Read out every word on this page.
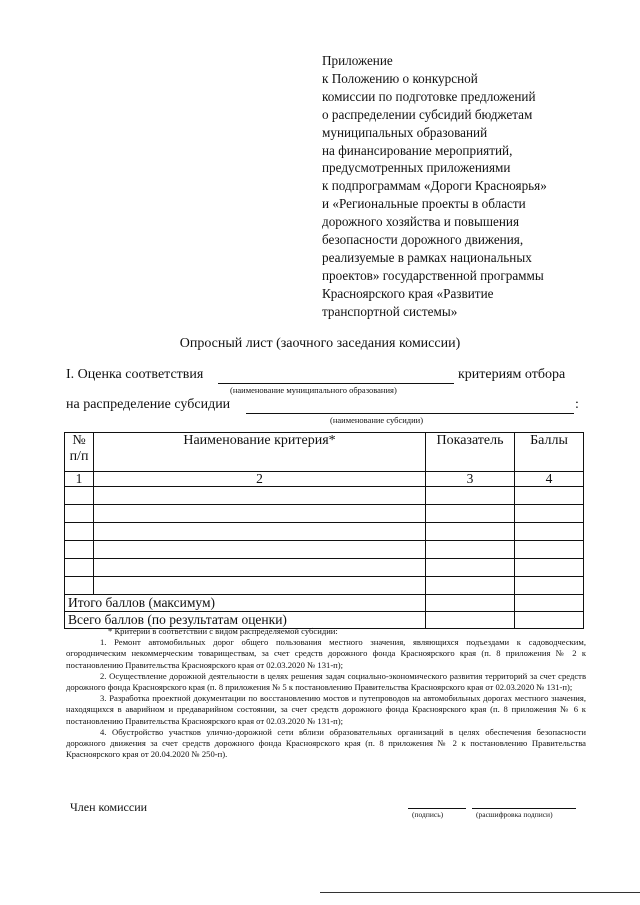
Приложение
к Положению о конкурсной
комиссии по подготовке предложений
о распределении субсидий бюджетам
муниципальных образований
на финансирование мероприятий,
предусмотренных приложениями
к подпрограммам «Дороги Красноярья»
и «Региональные проекты в области
дорожного хозяйства и повышения
безопасности дорожного движения,
реализуемые в рамках национальных
проектов» государственной программы
Красноярского края «Развитие
транспортной системы»
Опросный лист (заочного заседания комиссии)
I. Оценка соответствия	критериям отбора
(наименование муниципального образования)
на распределение субсидии	:
(наименование субсидии)
№ п/п	Наименование критерия*	Показатель	Баллы
1	2	3	4

Итого баллов (максимум)			
Всего баллов (по результатам оценки)			

* Критерии в соответствии с видом распределяемой субсидии:

1. Ремонт автомобильных дорог общего пользования местного значения, являющихся подъездами к садоводческим, огородническим некоммерческим товариществам, за счет средств дорожного фонда Красноярского края (п. 8 приложения № 2 к постановлению Правительства Красноярского края от 02.03.2020 № 131-п);

2. Осуществление дорожной деятельности в целях решения задач социально-экономического развития территорий за счет средств дорожного фонда Красноярского края (п. 8 приложения № 5 к постановлению Правительства Красноярского края от 02.03.2020 № 131-п);

3. Разработка проектной документации по восстановлению мостов и путепроводов на автомобильных дорогах местного значения, находящихся в аварийном и предаварийном состоянии, за счет средств дорожного фонда Красноярского края (п. 8 приложения № 6 к постановлению Правительства Красноярского края от 02.03.2020 № 131-п);

4. Обустройство участков улично-дорожной сети вблизи образовательных организаций в целях обеспечения безопасности дорожного движения за счет средств дорожного фонда Красноярского края (п. 8 приложения № 2 к постановлению Правительства Красноярского края от 20.04.2020 № 250-п).

Член комиссии
(подпись)	(расшифровка подписи)
